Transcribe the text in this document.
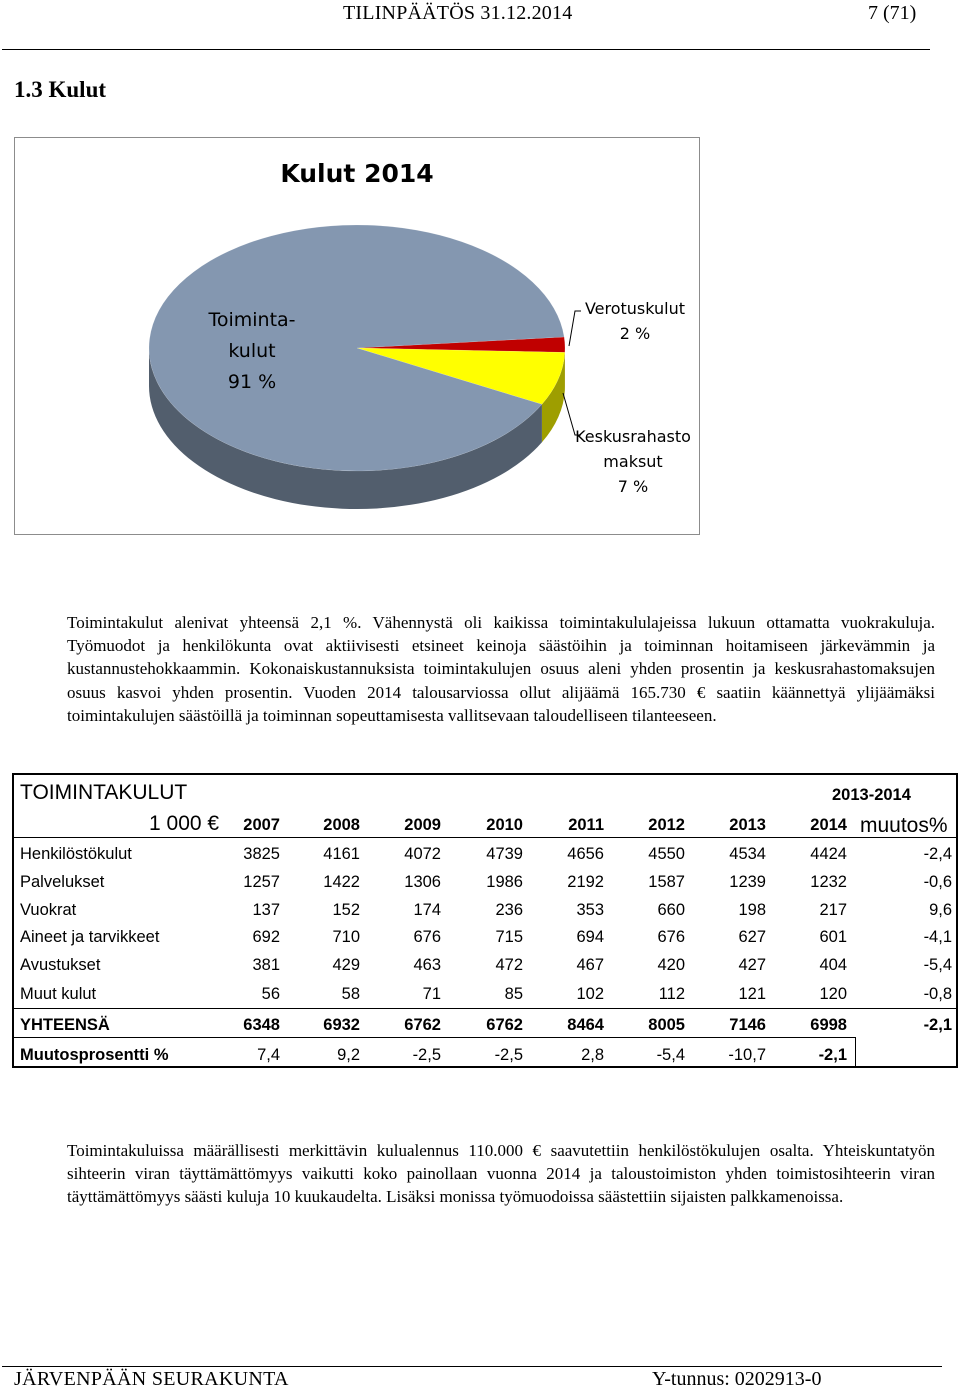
TILINPÄÄTÖS 31.12.2014	7 (71)
1.3 Kulut
Kulut 2014
Toiminta-
kulut
91 %
Verotuskulut
2 %
Keskusrahasto
maksut
7 %

Toimintakulut alenivat yhteensä 2,1 %. Vähennystä oli kaikissa toimintakululajeissa lukuun ottamatta vuokrakuluja. Työmuodot ja henkilökunta ovat aktiivisesti etsineet keinoja säästöihin ja toiminnan hoitamiseen järkevämmin ja kustannustehokkaammin. Kokonaiskustannuksista toimintakulujen osuus aleni yhden prosentin ja keskusrahastomaksujen osuus kasvoi yhden prosentin. Vuoden 2014 talousarviossa ollut alijäämä 165.730 € saatiin käännettyä ylijäämäksi toimintakulujen säästöillä ja toiminnan sopeuttamisesta vallitsevaan taloudelliseen tilanteeseen.

TOIMINTAKULUT	2013-2014
1 000 €	muutos%
2007	2008	2009	2010	2011	2012	2013	2014
Henkilöstökulut	3825	4161	4072	4739	4656	4550	4534	4424	-2,4
Palvelukset	1257	1422	1306	1986	2192	1587	1239	1232	-0,6
Vuokrat	137	152	174	236	353	660	198	217	9,6
Aineet ja tarvikkeet	692	710	676	715	694	676	627	601	-4,1
Avustukset	381	429	463	472	467	420	427	404	-5,4
Muut kulut	56	58	71	85	102	112	121	120	-0,8
YHTEENSÄ	6348	6932	6762	6762	8464	8005	7146	6998	-2,1
Muutosprosentti %	7,4	9,2	-2,5	-2,5	2,8	-5,4	-10,7	-2,1

Toimintakuluissa määrällisesti merkittävin kulualennus 110.000 € saavutettiin henkilöstökulujen osalta. Yhteiskuntatyön sihteerin viran täyttämättömyys vaikutti koko painollaan vuonna 2014 ja taloustoimiston yhden toimistosihteerin viran täyttämättömyys säästi kuluja 10 kuukaudelta. Lisäksi monissa työmuodoissa säästettiin sijaisten palkkamenoissa.

JÄRVENPÄÄN SEURAKUNTA	Y-tunnus: 0202913-0
